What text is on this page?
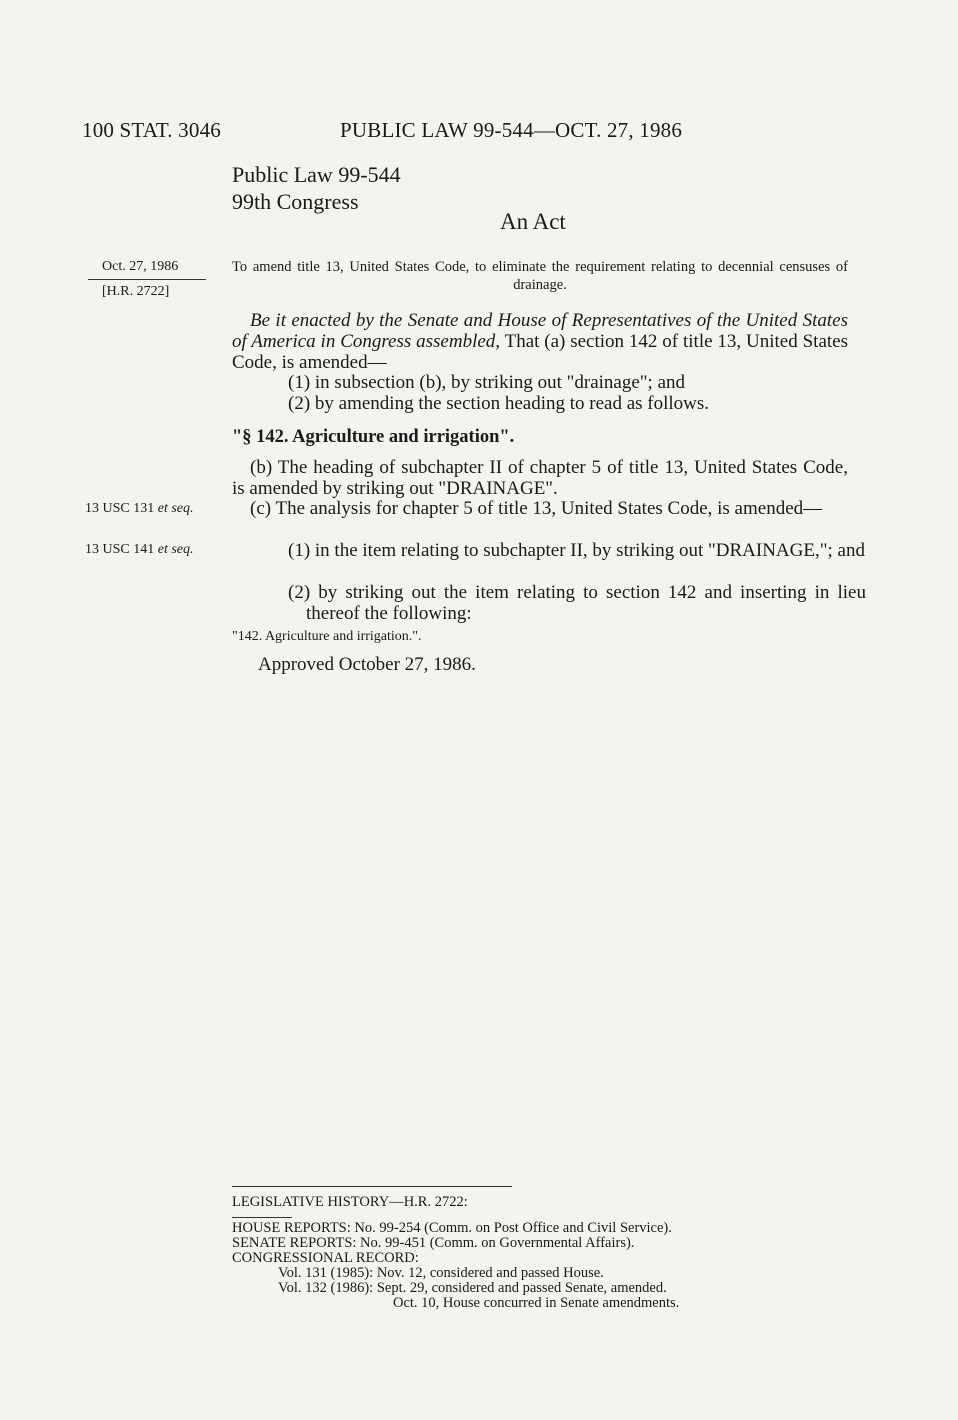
100 STAT. 3046	PUBLIC LAW 99-544—OCT. 27, 1986
Public Law 99-544
99th Congress
An Act
Oct. 27, 1986
[H.R. 2722]
To amend title 13, United States Code, to eliminate the requirement relating to decennial censuses of drainage.
Be it enacted by the Senate and House of Representatives of the United States of America in Congress assembled, That (a) section 142 of title 13, United States Code, is amended—
(1) in subsection (b), by striking out "drainage"; and
(2) by amending the section heading to read as follows.
"§ 142. Agriculture and irrigation".
(b) The heading of subchapter II of chapter 5 of title 13, United States Code, is amended by striking out "DRAINAGE".
13 USC 131 et seq.	(c) The analysis for chapter 5 of title 13, United States Code, is amended—
13 USC 141 et seq.	(1) in the item relating to subchapter II, by striking out "DRAINAGE,"; and
(2) by striking out the item relating to section 142 and inserting in lieu thereof the following:
"142. Agriculture and irrigation.".
Approved October 27, 1986.
LEGISLATIVE HISTORY—H.R. 2722:
HOUSE REPORTS: No. 99-254 (Comm. on Post Office and Civil Service).
SENATE REPORTS: No. 99-451 (Comm. on Governmental Affairs).
CONGRESSIONAL RECORD:
Vol. 131 (1985): Nov. 12, considered and passed House.
Vol. 132 (1986): Sept. 29, considered and passed Senate, amended.
Oct. 10, House concurred in Senate amendments.
